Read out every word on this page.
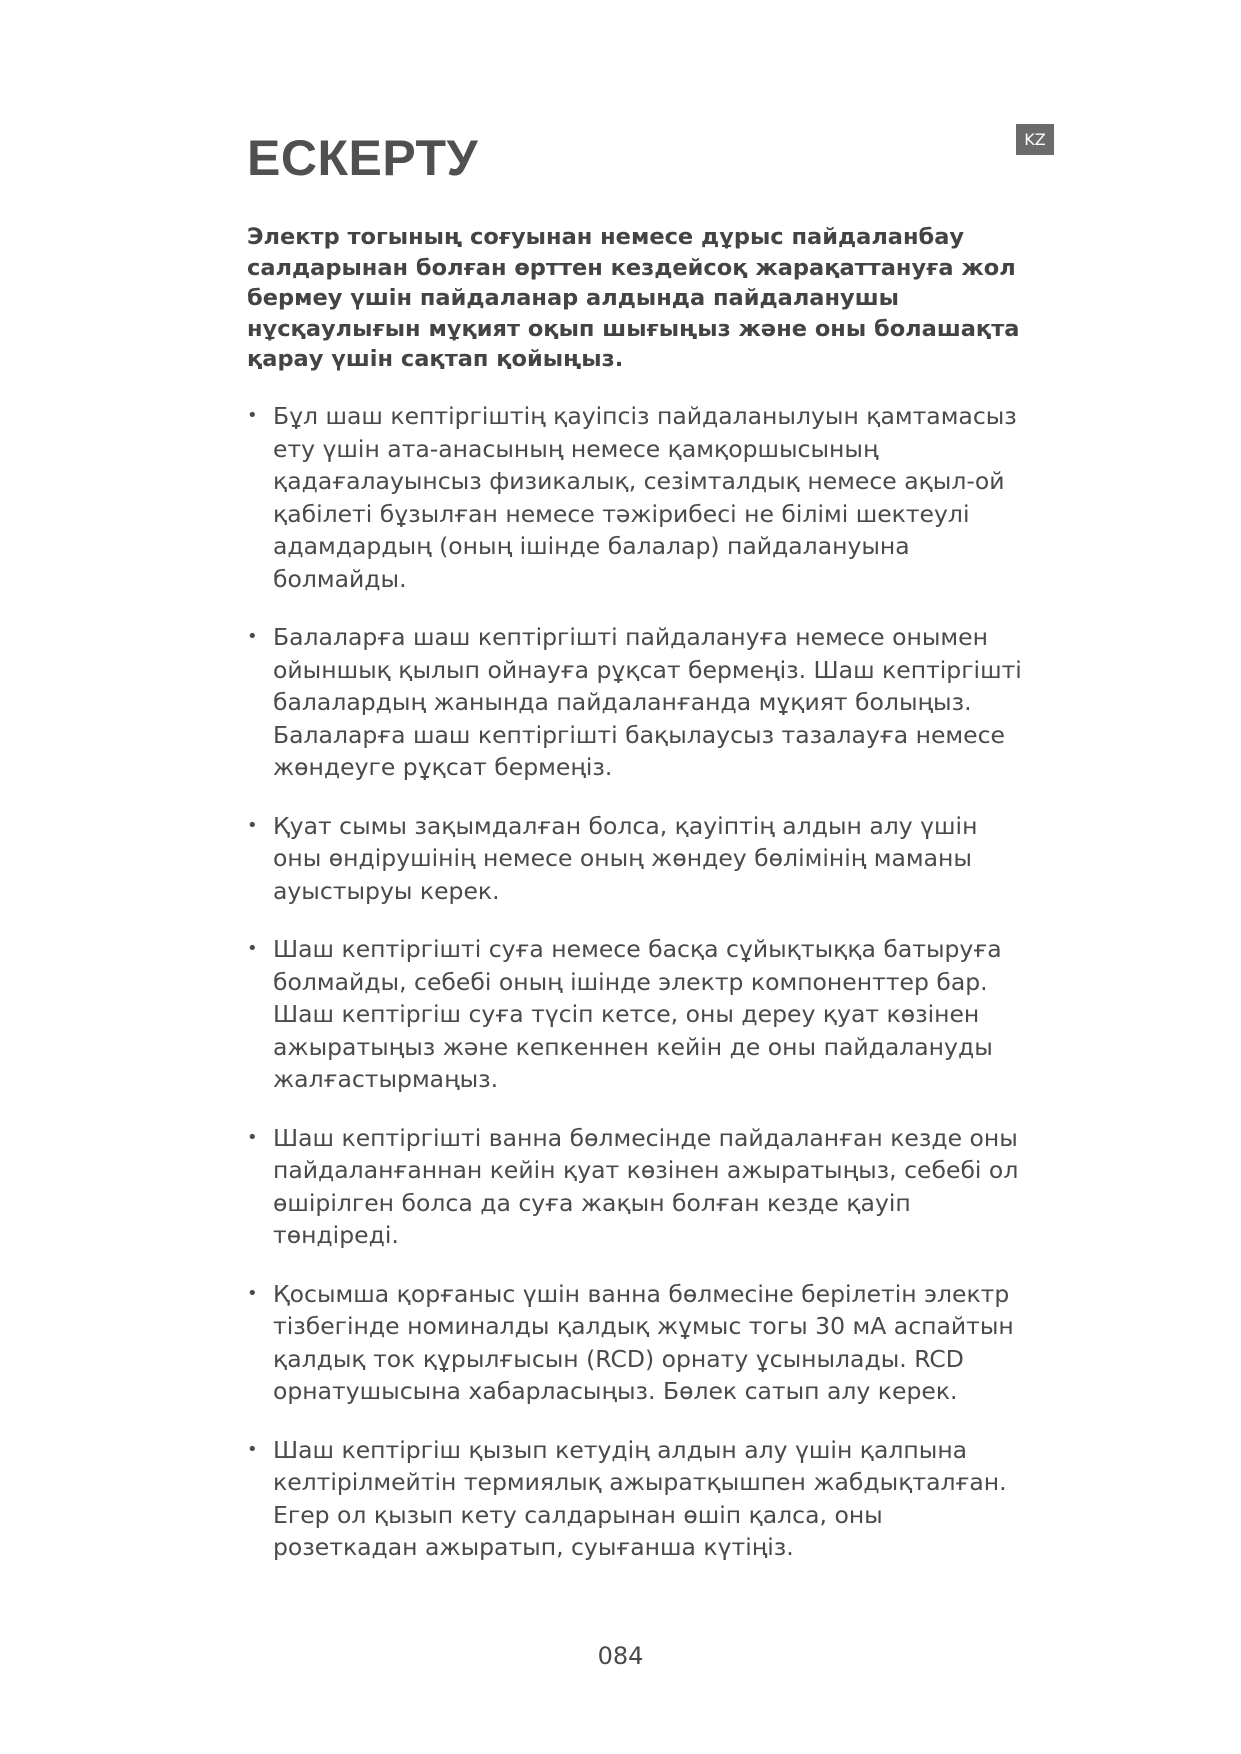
ЕСКЕРТУ	KZ

Электр тогының соғуынан немесе дұрыс пайдаланбау салдарынан болған өрттен кездейсоқ жарақаттануға жол бермеу үшін пайдаланар алдында пайдаланушы нұсқаулығын мұқият оқып шығыңыз және оны болашақта қарау үшін сақтап қойыңыз.

• Бұл шаш кептіргіштің қауіпсіз пайдаланылуын қамтамасыз ету үшін ата-анасының немесе қамқоршысының қадағалауынсыз физикалық, сезімталдық немесе ақыл-ой қабілеті бұзылған немесе тәжірибесі не білімі шектеулі адамдардың (оның ішінде балалар) пайдалануына болмайды.
• Балаларға шаш кептіргішті пайдалануға немесе онымен ойыншық қылып ойнауға рұқсат бермеңіз. Шаш кептіргішті балалардың жанында пайдаланғанда мұқият болыңыз. Балаларға шаш кептіргішті бақылаусыз тазалауға немесе жөндеуге рұқсат бермеңіз.
• Қуат сымы зақымдалған болса, қауіптің алдын алу үшін оны өндірушінің немесе оның жөндеу бөлімінің маманы ауыстыруы керек.
• Шаш кептіргішті суға немесе басқа сұйықтыққа батыруға болмайды, себебі оның ішінде электр компоненттер бар. Шаш кептіргіш суға түсіп кетсе, оны дереу қуат көзінен ажыратыңыз және кепкеннен кейін де оны пайдалануды жалғастырмаңыз.
• Шаш кептіргішті ванна бөлмесінде пайдаланған кезде оны пайдаланғаннан кейін қуат көзінен ажыратыңыз, себебі ол өшірілген болса да суға жақын болған кезде қауіп төндіреді.
• Қосымша қорғаныс үшін ванна бөлмесіне берілетін электр тізбегінде номиналды қалдық жұмыс тогы 30 мА аспайтын қалдық ток құрылғысын (RCD) орнату ұсынылады. RCD орнатушысына хабарласыңыз. Бөлек сатып алу керек.
• Шаш кептіргіш қызып кетудің алдын алу үшін қалпына келтірілмейтін термиялық ажыратқышпен жабдықталған. Егер ол қызып кету салдарынан өшіп қалса, оны розеткадан ажыратып, суығанша күтіңіз.
084
